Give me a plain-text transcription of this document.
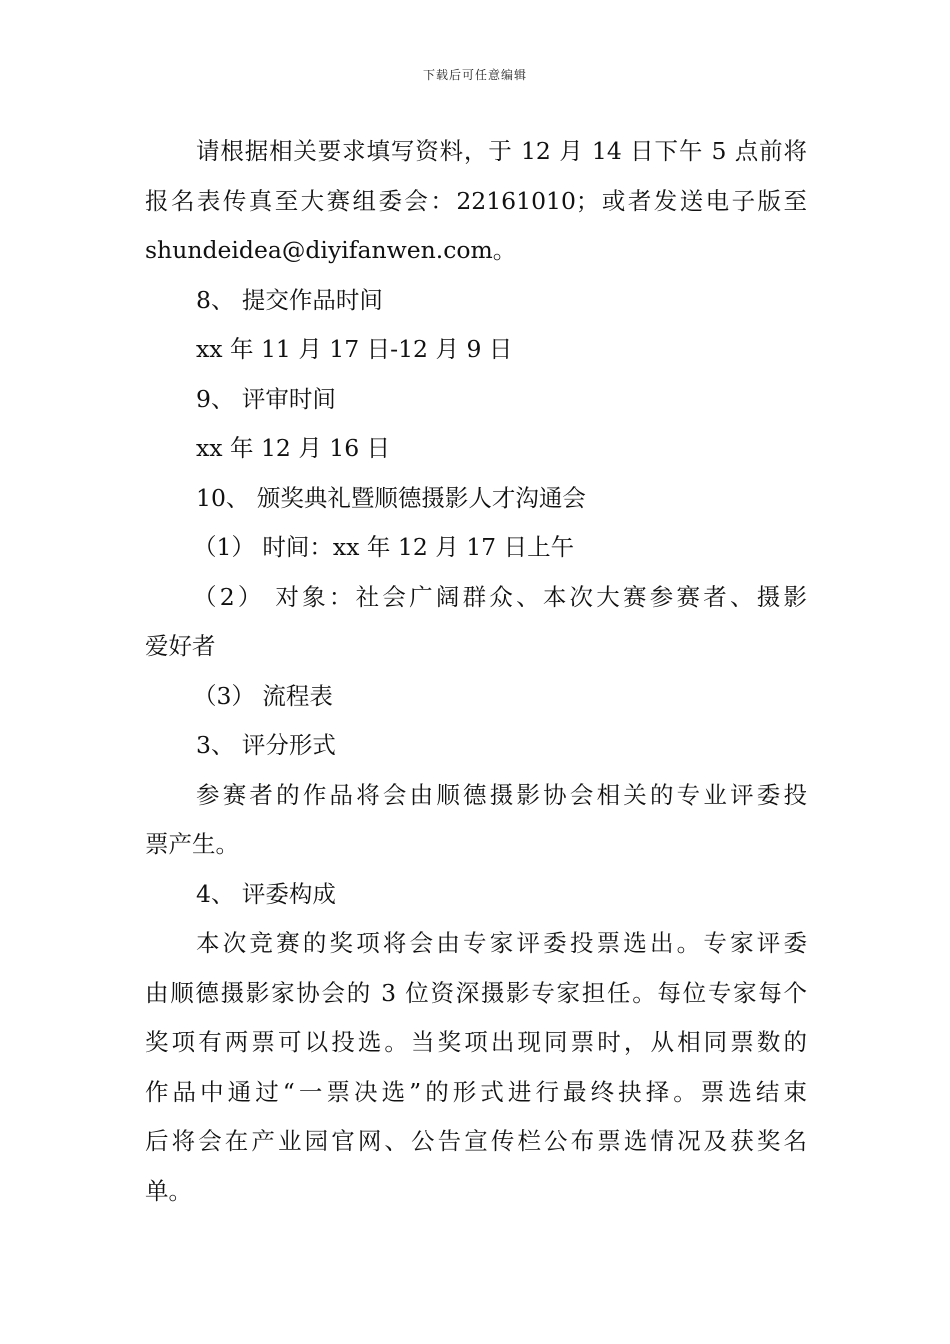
下载后可任意编辑
请根据相关要求填写资料，于 12 月 14 日下午 5 点前将
报名表传真至大赛组委会：22161010；或者发送电子版至
shundeidea@diyifanwen.com。
8、 提交作品时间
xx 年 11 月 17 日-12 月 9 日
9、 评审时间
xx 年 12 月 16 日
10、 颁奖典礼暨顺德摄影人才沟通会
（1） 时间：xx 年 12 月 17 日上午
（2） 对象：社会广阔群众、本次大赛参赛者、摄影
爱好者
（3） 流程表
3、 评分形式
参赛者的作品将会由顺德摄影协会相关的专业评委投
票产生。
4、 评委构成
本次竞赛的奖项将会由专家评委投票选出。专家评委
由顺德摄影家协会的 3 位资深摄影专家担任。每位专家每个
奖项有两票可以投选。当奖项出现同票时，从相同票数的
作品中通过“一票决选”的形式进行最终抉择。票选结束
后将会在产业园官网、公告宣传栏公布票选情况及获奖名
单。
